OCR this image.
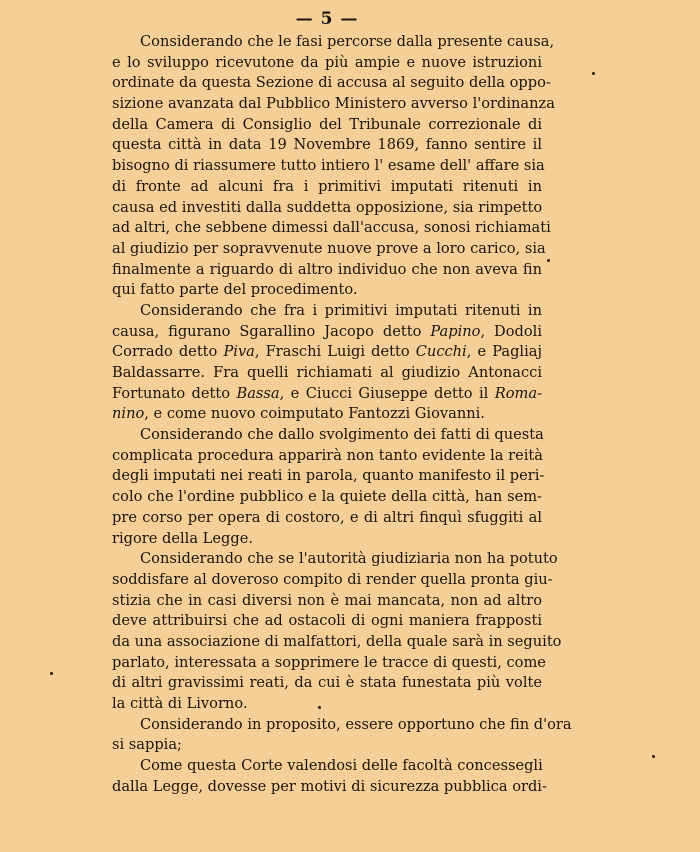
— 5 —
Considerando che le fasi percorse dalla presente causa,
e lo sviluppo ricevutone da più ampie e nuove istruzioni
ordinate da questa Sezione di accusa al seguito della oppo-
sizione avanzata dal Pubblico Ministero avverso l'ordinanza
della Camera di Consiglio del Tribunale correzionale di
questa città in data 19 Novembre 1869, fanno sentire il
bisogno di riassumere tutto intiero l' esame dell' affare sia
di fronte ad alcuni fra i primitivi imputati ritenuti in
causa ed investiti dalla suddetta opposizione, sia rimpetto
ad altri, che sebbene dimessi dall'accusa, sonosi richiamati
al giudizio per sopravvenute nuove prove a loro carico, sia
finalmente a riguardo di altro individuo che non aveva fin
qui fatto parte del procedimento.
Considerando che fra i primitivi imputati ritenuti in
causa, figurano Sgarallino Jacopo detto Papino, Dodoli
Corrado detto Piva, Fraschi Luigi detto Cucchi, e Pagliaj
Baldassarre. Fra quelli richiamati al giudizio Antonacci
Fortunato detto Bassa, e Ciucci Giuseppe detto il Roma-
nino, e come nuovo coimputato Fantozzi Giovanni.
Considerando che dallo svolgimento dei fatti di questa
complicata procedura apparirà non tanto evidente la reità
degli imputati nei reati in parola, quanto manifesto il peri-
colo che l'ordine pubblico e la quiete della città, han sem-
pre corso per opera di costoro, e di altri finquì sfuggiti al
rigore della Legge.
Considerando che se l'autorità giudiziaria non ha potuto
soddisfare al doveroso compito di render quella pronta giu-
stizia che in casi diversi non è mai mancata, non ad altro
deve attribuirsi che ad ostacoli di ogni maniera frapposti
da una associazione di malfattori, della quale sarà in seguito
parlato, interessata a sopprimere le tracce di questi, come
di altri gravissimi reati, da cui è stata funestata più volte
la città di Livorno.
Considerando in proposito, essere opportuno che fin d'ora
si sappia;
Come questa Corte valendosi delle facoltà concessegli
dalla Legge, dovesse per motivi di sicurezza pubblica ordi-
